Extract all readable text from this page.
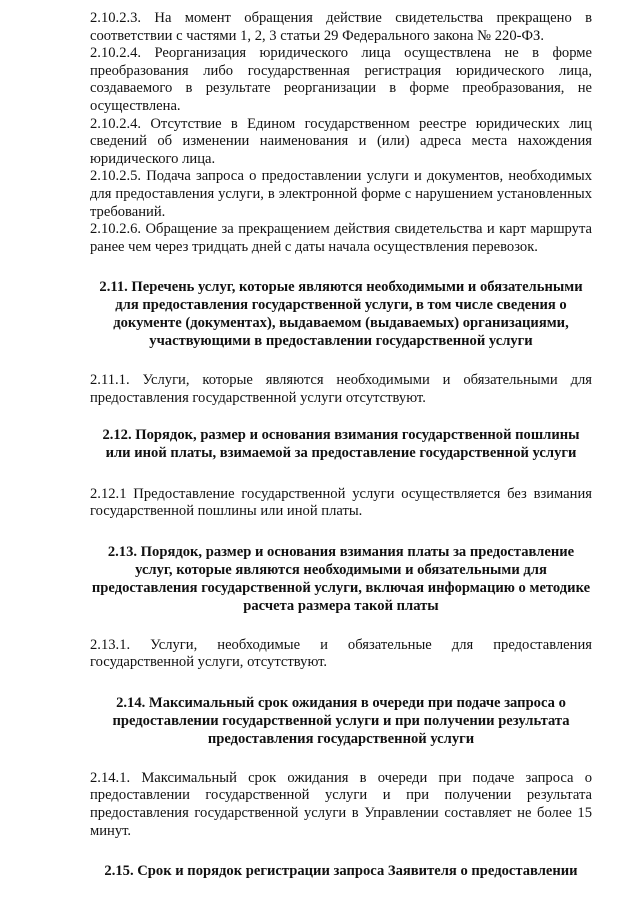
2.10.2.3. На момент обращения действие свидетельства прекращено в соответствии с частями 1, 2, 3 статьи 29 Федерального закона № 220-ФЗ.

2.10.2.4. Реорганизация юридического лица осуществлена не в форме преобразования либо государственная регистрация юридического лица, создаваемого в результате реорганизации в форме преобразования, не осуществлена.

2.10.2.4. Отсутствие в Едином государственном реестре юридических лиц сведений об изменении наименования и (или) адреса места нахождения юридического лица.

2.10.2.5. Подача запроса о предоставлении услуги и документов, необходимых для предоставления услуги, в электронной форме с нарушением установленных требований.

2.10.2.6. Обращение за прекращением действия свидетельства и карт маршрута ранее чем через тридцать дней с даты начала осуществления перевозок.

2.11. Перечень услуг, которые являются необходимыми и обязательными для предоставления государственной услуги, в том числе сведения о документе (документах), выдаваемом (выдаваемых) организациями, участвующими в предоставлении государственной услуги

2.11.1. Услуги, которые являются необходимыми и обязательными для предоставления государственной услуги отсутствуют.

2.12. Порядок, размер и основания взимания государственной пошлины или иной платы, взимаемой за предоставление государственной услуги

2.12.1 Предоставление государственной услуги осуществляется без взимания государственной пошлины или иной платы.

2.13. Порядок, размер и основания взимания платы за предоставление услуг, которые являются необходимыми и обязательными для предоставления государственной услуги, включая информацию о методике расчета размера такой платы

2.13.1. Услуги, необходимые и обязательные для предоставления государственной услуги, отсутствуют.

2.14. Максимальный срок ожидания в очереди при подаче запроса о предоставлении государственной услуги и при получении результата предоставления государственной услуги

2.14.1. Максимальный срок ожидания в очереди при подаче запроса о предоставлении государственной услуги и при получении результата предоставления государственной услуги в Управлении составляет не более 15 минут.

2.15. Срок и порядок регистрации запроса Заявителя о предоставлении
